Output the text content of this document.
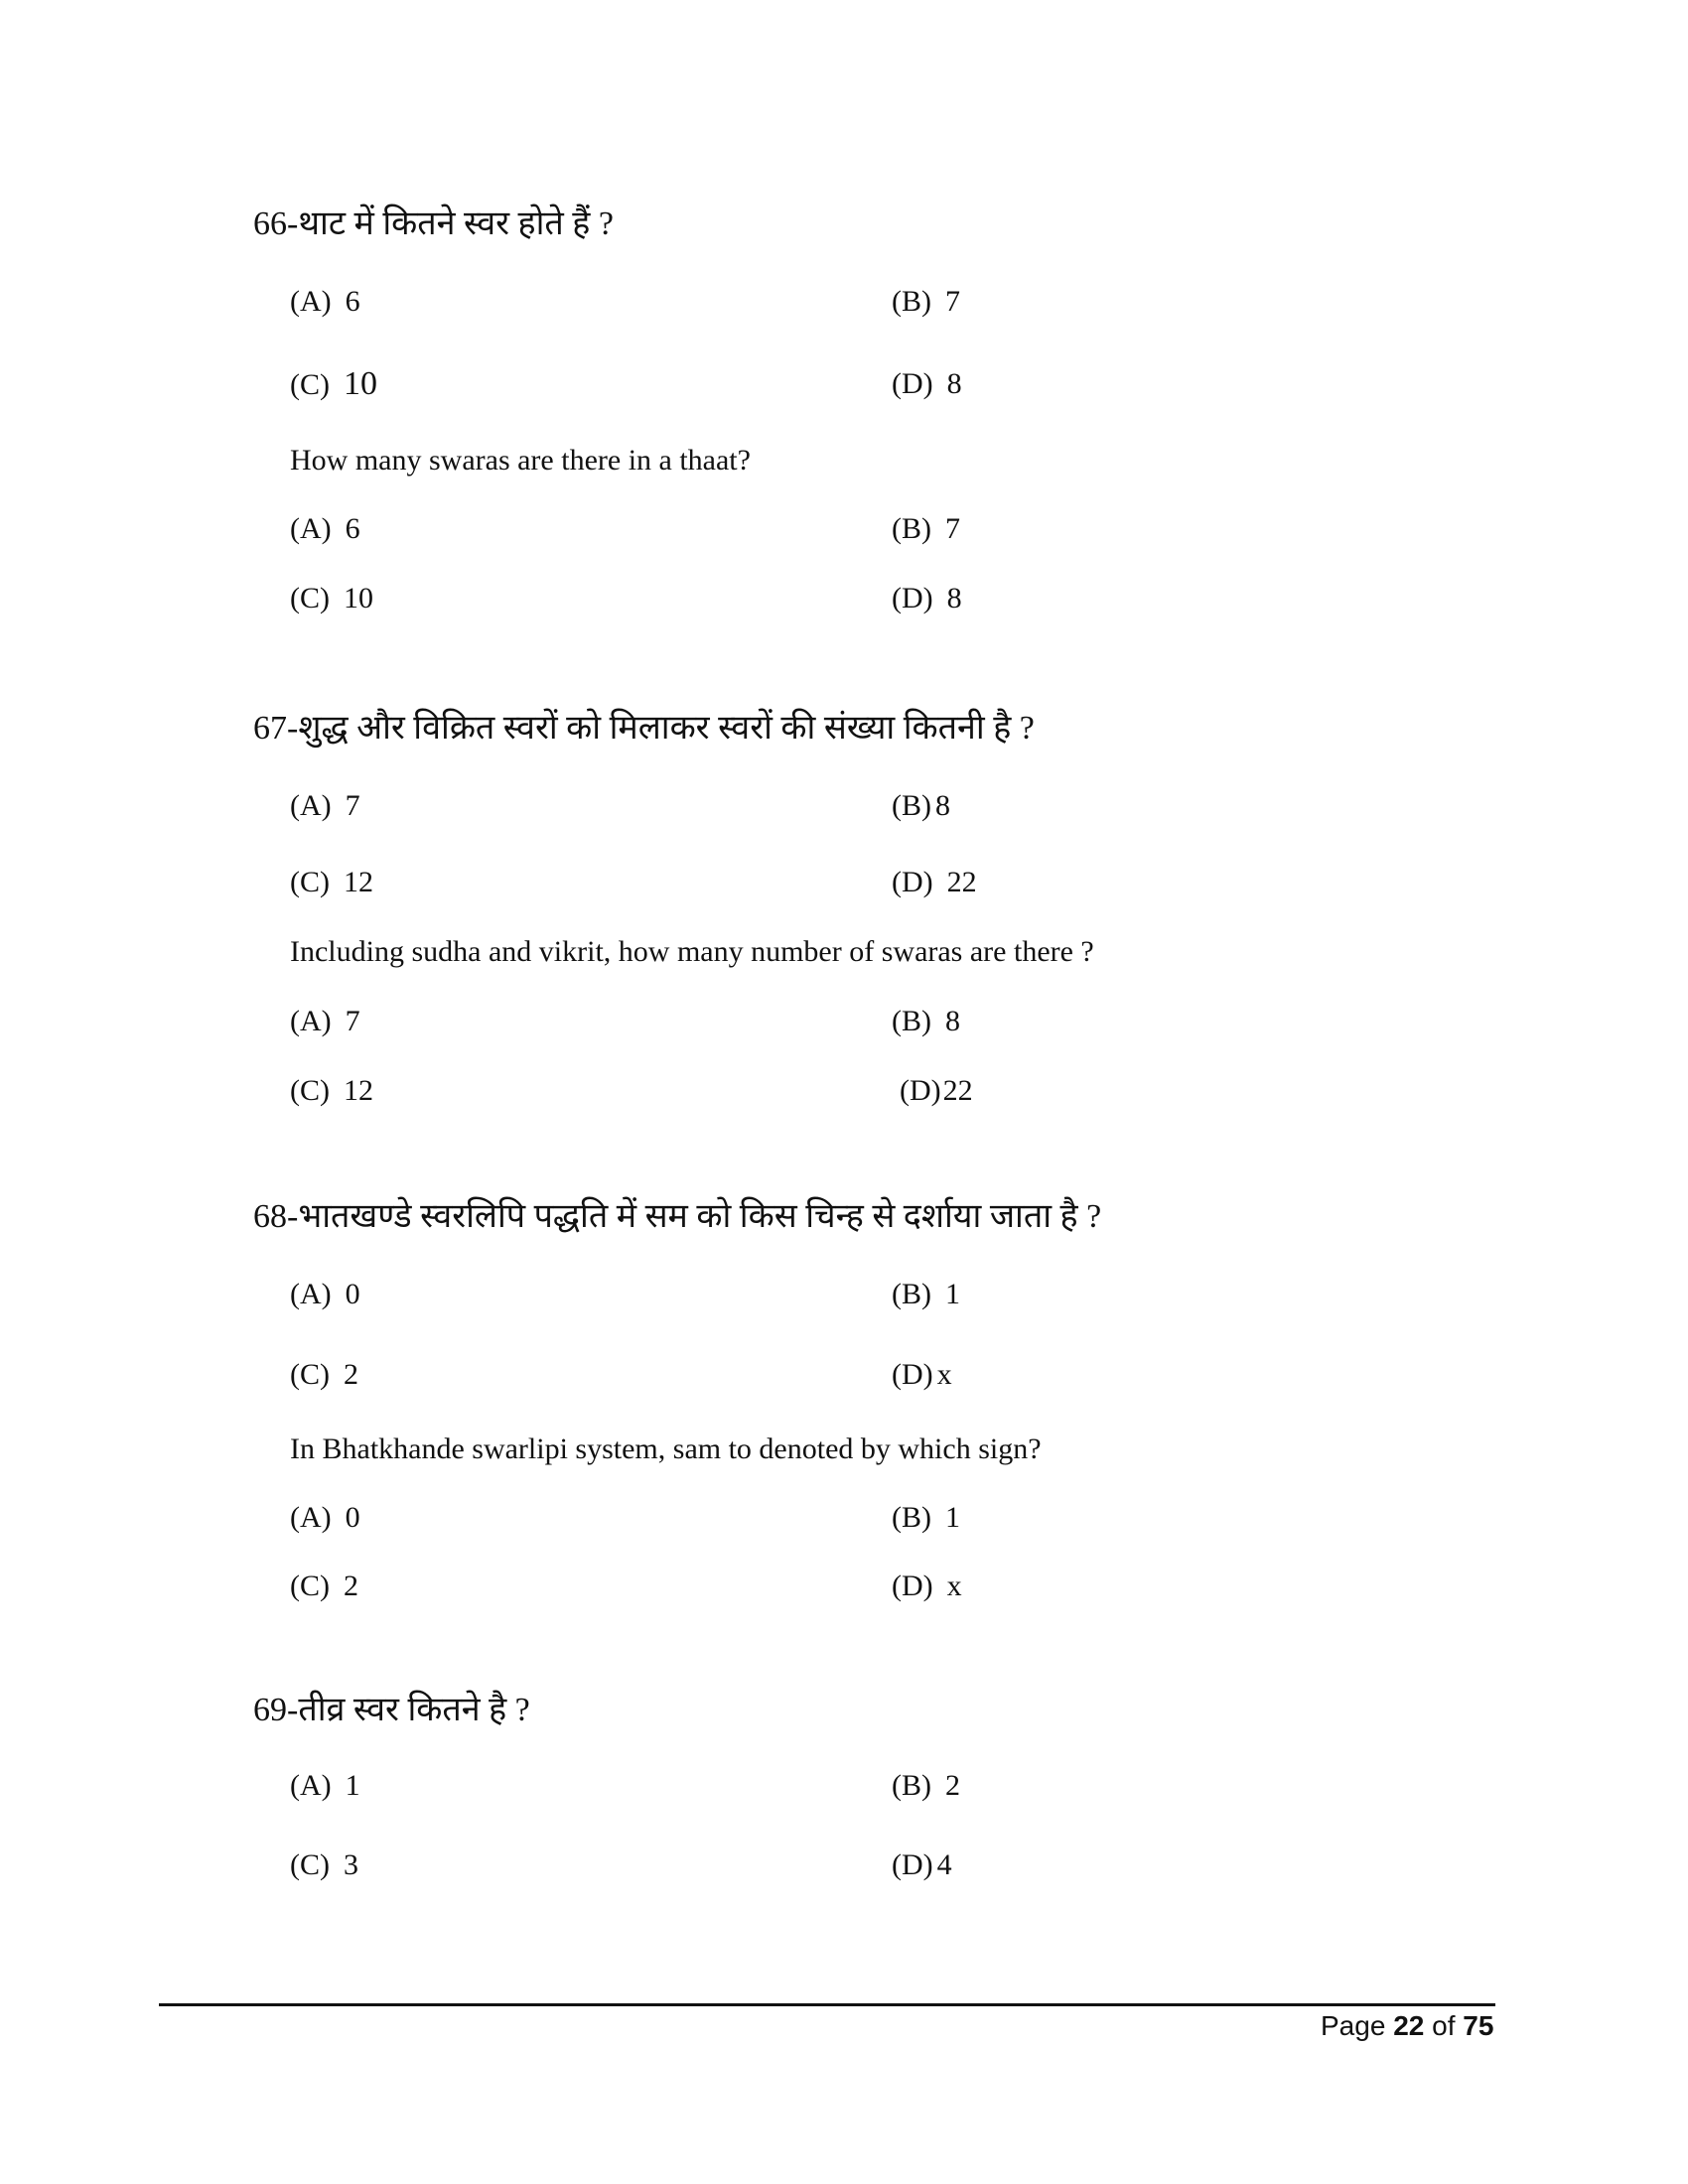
66-थाट में कितने स्वर होते हैं ?
(A) 6	(B) 7
(C) 10	(D) 8
How many swaras are there in a thaat?
(A) 6	(B) 7
(C) 10	(D) 8
67-शुद्ध और विक्रित स्वरों को मिलाकर स्वरों की संख्या कितनी है ?
(A) 7	(B) 8
(C) 12	(D) 22
Including sudha and vikrit, how many number of swaras are there ?
(A) 7	(B) 8
(C) 12	(D)22
68-भातखण्डे स्वरलिपि पद्धति में सम को किस चिन्ह से दर्शाया जाता है ?
(A) 0	(B) 1
(C) 2	(D) x
In Bhatkhande swarlipi system, sam to denoted by which sign?
(A) 0	(B) 1
(C) 2	(D) x
69-तीव्र स्वर कितने है ?
(A) 1	(B) 2
(C) 3	(D) 4
Page 22 of 75
